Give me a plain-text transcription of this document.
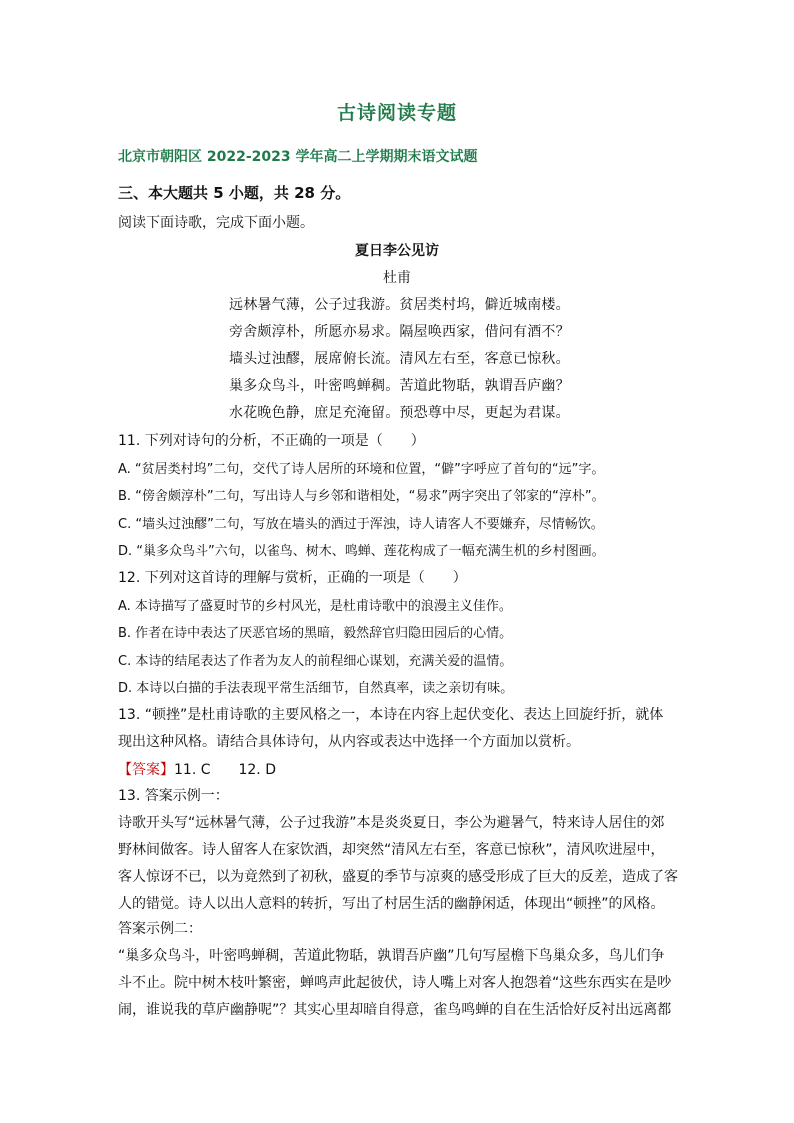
古诗阅读专题
北京市朝阳区 2022-2023 学年高二上学期期末语文试题
三、本大题共 5 小题，共 28 分。
阅读下面诗歌，完成下面小题。
夏日李公见访
杜甫
远林暑气薄，公子过我游。贫居类村坞，僻近城南楼。
旁舍颇淳朴，所愿亦易求。隔屋唤西家，借问有酒不？
墙头过浊醪，展席俯长流。清风左右至，客意已惊秋。
巢多众鸟斗，叶密鸣蝉稠。苦道此物聒，孰谓吾庐幽？
水花晚色静，庶足充淹留。预恐尊中尽，更起为君谋。
11. 下列对诗句的分析，不正确的一项是（　　）
A. “贫居类村坞”二句，交代了诗人居所的环境和位置，“僻”字呼应了首句的“远”字。
B. “傍舍颇淳朴”二句，写出诗人与乡邻和谐相处，“易求”两字突出了邻家的“淳朴”。
C. “墙头过浊醪”二句，写放在墙头的酒过于浑浊，诗人请客人不要嫌弃，尽情畅饮。
D. “巢多众鸟斗”六句，以雀鸟、树木、鸣蝉、莲花构成了一幅充满生机的乡村图画。
12. 下列对这首诗的理解与赏析，正确的一项是（　　）
A. 本诗描写了盛夏时节的乡村风光，是杜甫诗歌中的浪漫主义佳作。
B. 作者在诗中表达了厌恶官场的黑暗，毅然辞官归隐田园后的心情。
C. 本诗的结尾表达了作者为友人的前程细心谋划，充满关爱的温情。
D. 本诗以白描的手法表现平常生活细节，自然真率，读之亲切有味。
13. “顿挫”是杜甫诗歌的主要风格之一，本诗在内容上起伏变化、表达上回旋纡折，就体
现出这种风格。请结合具体诗句，从内容或表达中选择一个方面加以赏析。
【答案】11. C　　12. D
13. 答案示例一：
诗歌开头写“远林暑气薄，公子过我游”本是炎炎夏日，李公为避暑气，特来诗人居住的郊
野林间做客。诗人留客人在家饮酒，却突然“清风左右至，客意已惊秋”，清风吹进屋中，
客人惊讶不已，以为竟然到了初秋，盛夏的季节与凉爽的感受形成了巨大的反差，造成了客
人的错觉。诗人以出人意料的转折，写出了村居生活的幽静闲适，体现出“顿挫”的风格。
答案示例二：
“巢多众鸟斗，叶密鸣蝉稠，苦道此物聒，孰谓吾庐幽”几句写屋檐下鸟巢众多，鸟儿们争
斗不止。院中树木枝叶繁密，蝉鸣声此起彼伏，诗人嘴上对客人抱怨着“这些东西实在是吵
闹，谁说我的草庐幽静呢”？其实心里却暗自得意，雀鸟鸣蝉的自在生活恰好反衬出远离都
